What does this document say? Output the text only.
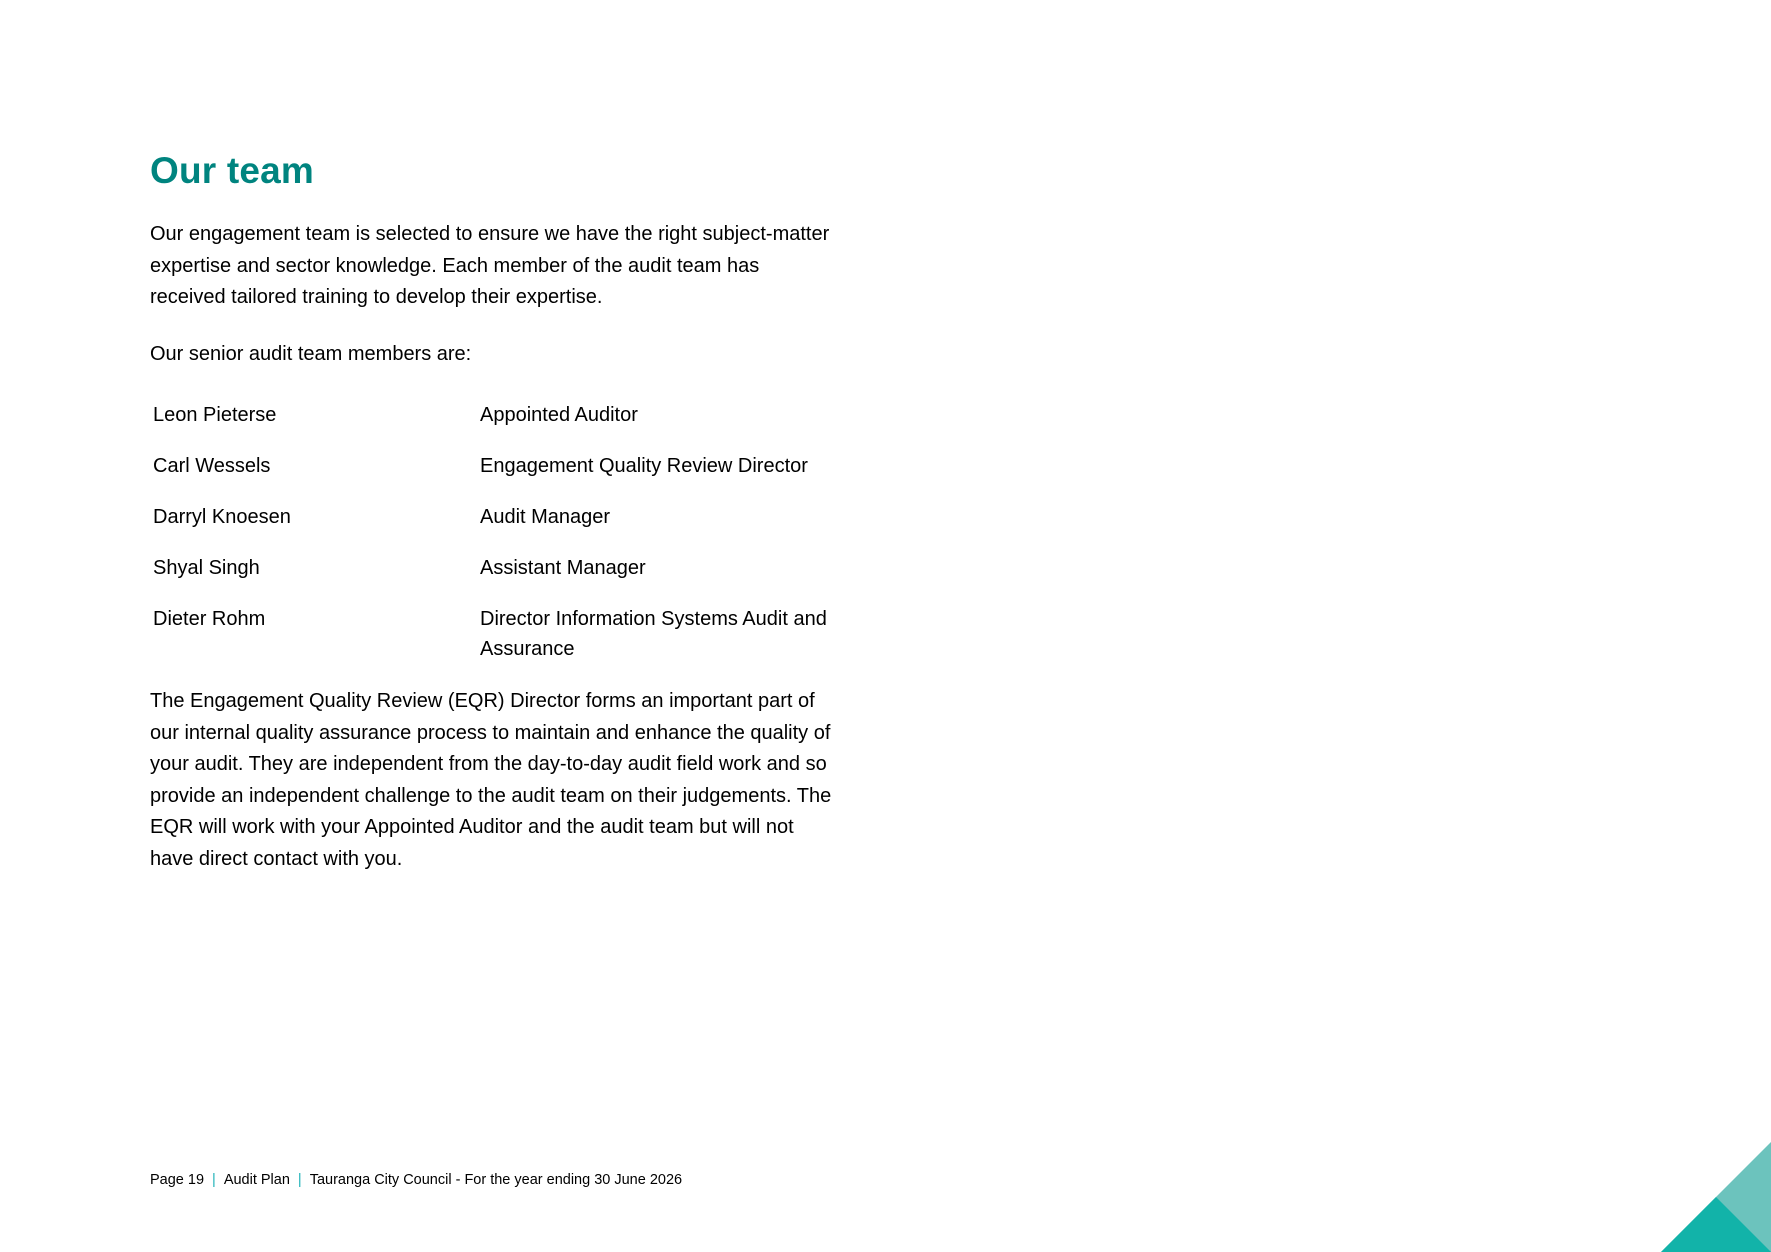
Our team

Our engagement team is selected to ensure we have the right subject-matter expertise and sector knowledge. Each member of the audit team has received tailored training to develop their expertise.

Our senior audit team members are:

Leon Pieterse	Appointed Auditor
Carl Wessels	Engagement Quality Review Director
Darryl Knoesen	Audit Manager
Shyal Singh	Assistant Manager
Dieter Rohm	Director Information Systems Audit and Assurance

The Engagement Quality Review (EQR) Director forms an important part of our internal quality assurance process to maintain and enhance the quality of your audit. They are independent from the day-to-day audit field work and so provide an independent challenge to the audit team on their judgements. The EQR will work with your Appointed Auditor and the audit team but will not have direct contact with you.

Page 19 | Audit Plan | Tauranga City Council - For the year ending 30 June 2026
